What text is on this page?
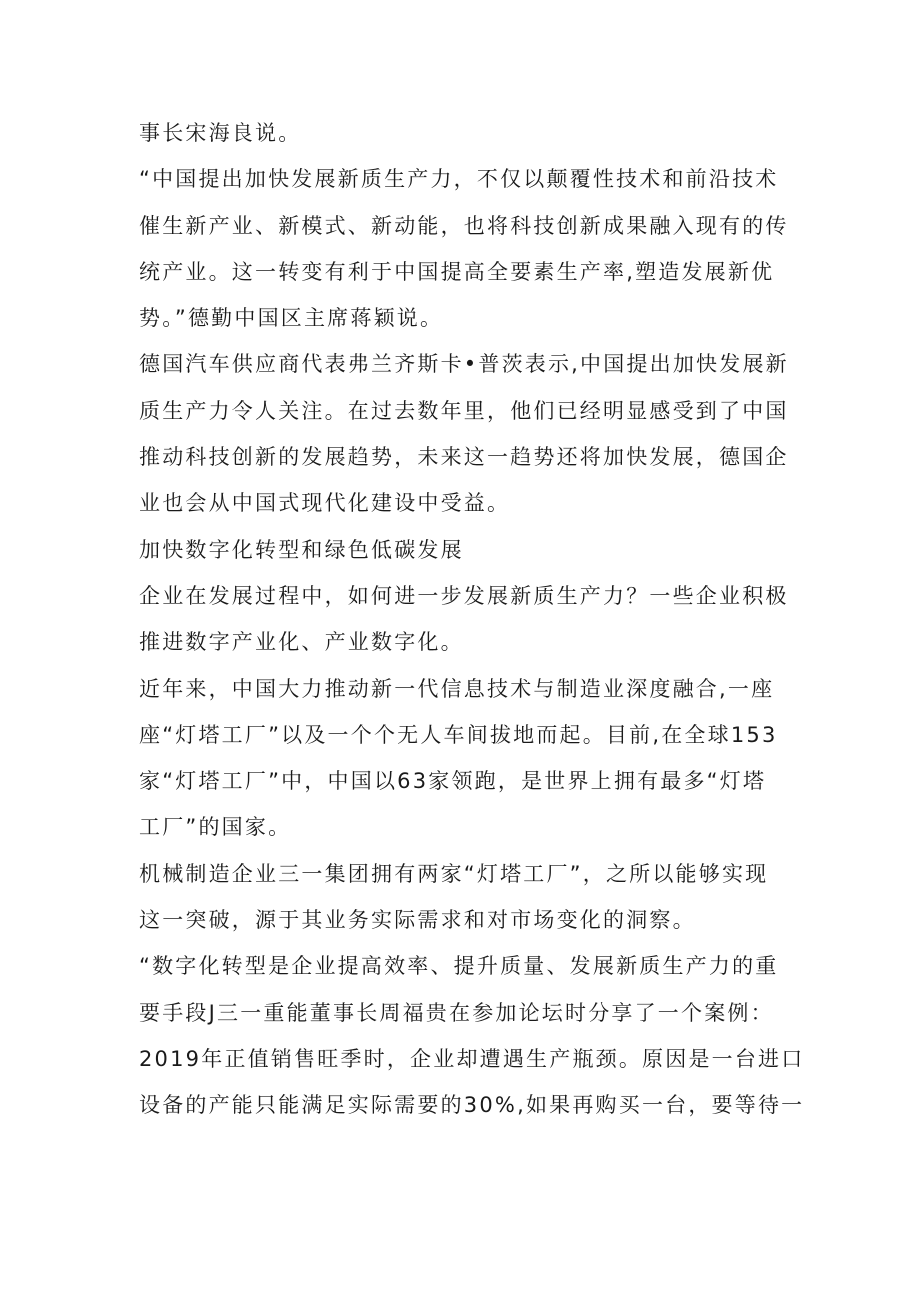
事长宋海良说。
“中国提出加快发展新质生产力，不仅以颠覆性技术和前沿技术
催生新产业、新模式、新动能，也将科技创新成果融入现有的传
统产业。这一转变有利于中国提高全要素生产率,塑造发展新优
势。”德勤中国区主席蒋颖说。
德国汽车供应商代表弗兰齐斯卡•普茨表示,中国提出加快发展新
质生产力令人关注。在过去数年里，他们已经明显感受到了中国
推动科技创新的发展趋势，未来这一趋势还将加快发展，德国企
业也会从中国式现代化建设中受益。
加快数字化转型和绿色低碳发展
企业在发展过程中，如何进一步发展新质生产力？一些企业积极
推进数字产业化、产业数字化。
近年来，中国大力推动新一代信息技术与制造业深度融合,一座
座“灯塔工厂”以及一个个无人车间拔地而起。目前,在全球153
家“灯塔工厂”中，中国以63家领跑，是世界上拥有最多“灯塔
工厂”的国家。
机械制造企业三一集团拥有两家“灯塔工厂”，之所以能够实现
这一突破，源于其业务实际需求和对市场变化的洞察。
“数字化转型是企业提高效率、提升质量、发展新质生产力的重
要手段J三一重能董事长周福贵在参加论坛时分享了一个案例：
2019年正值销售旺季时，企业却遭遇生产瓶颈。原因是一台进口
设备的产能只能满足实际需要的30%,如果再购买一台，要等待一
